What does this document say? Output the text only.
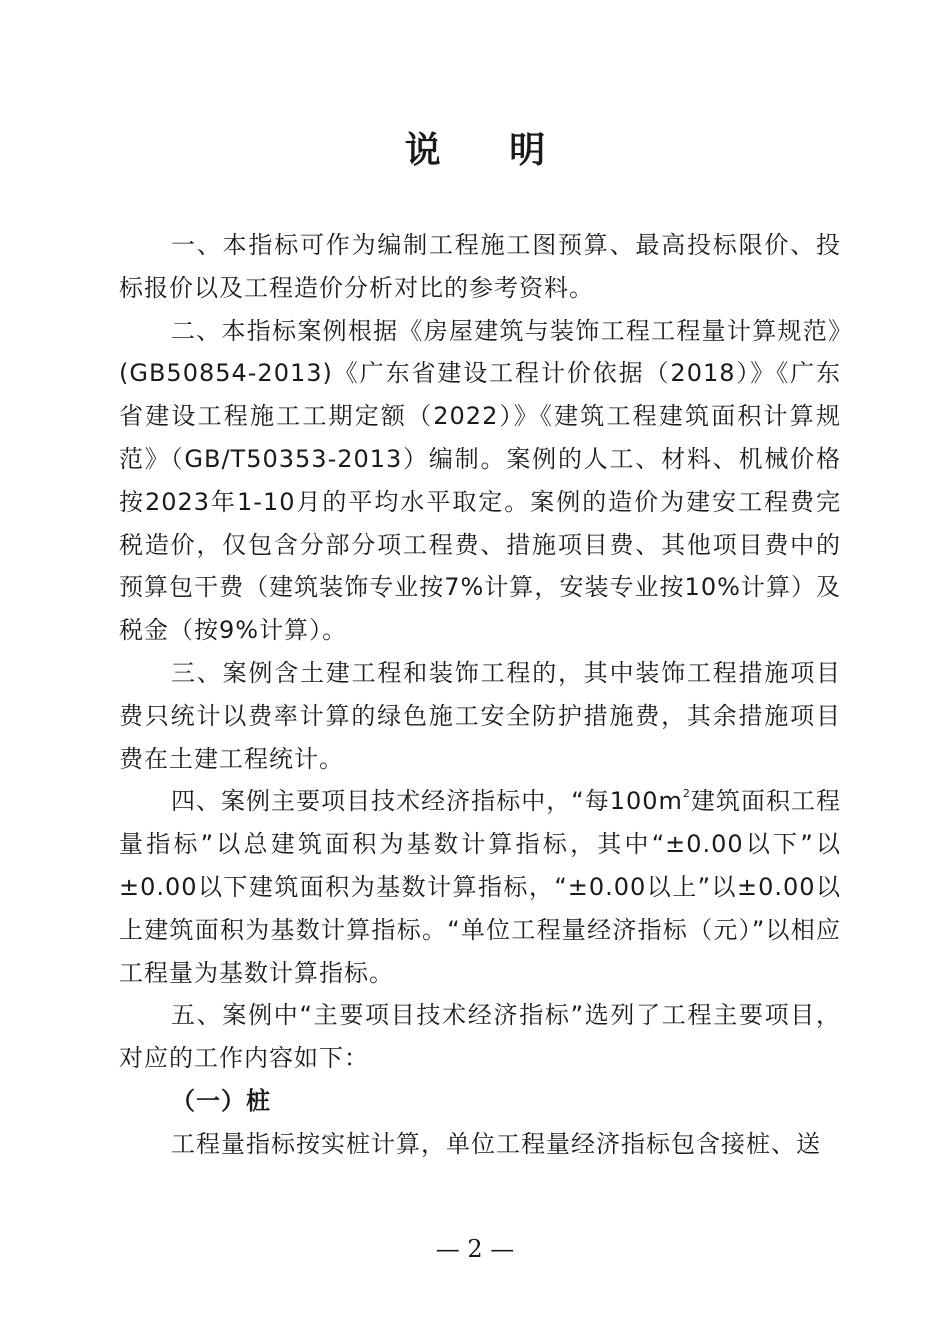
说 明

一、本指标可作为编制工程施工图预算、最高投标限价、投标报价以及工程造价分析对比的参考资料。

二、本指标案例根据《房屋建筑与装饰工程工程量计算规范》(GB50854-2013)《广东省建设工程计价依据（2018）》《广东省建设工程施工工期定额（2022）》《建筑工程建筑面积计算规范》（GB/T50353-2013）编制。案例的人工、材料、机械价格按2023年1-10月的平均水平取定。案例的造价为建安工程费完税造价，仅包含分部分项工程费、措施项目费、其他项目费中的预算包干费（建筑装饰专业按7%计算，安装专业按10%计算）及税金（按9%计算）。

三、案例含土建工程和装饰工程的，其中装饰工程措施项目费只统计以费率计算的绿色施工安全防护措施费，其余措施项目费在土建工程统计。

四、案例主要项目技术经济指标中，“每$100m^2$建筑面积工程量指标”以总建筑面积为基数计算指标，其中“±0.00以下”以±0.00以下建筑面积为基数计算指标，“±0.00以上”以±0.00以上建筑面积为基数计算指标。“单位工程量经济指标（元）”以相应工程量为基数计算指标。

五、案例中“主要项目技术经济指标”选列了工程主要项目，对应的工作内容如下：

（一）桩

工程量指标按实桩计算，单位工程量经济指标包含接桩、送

— 2 —
